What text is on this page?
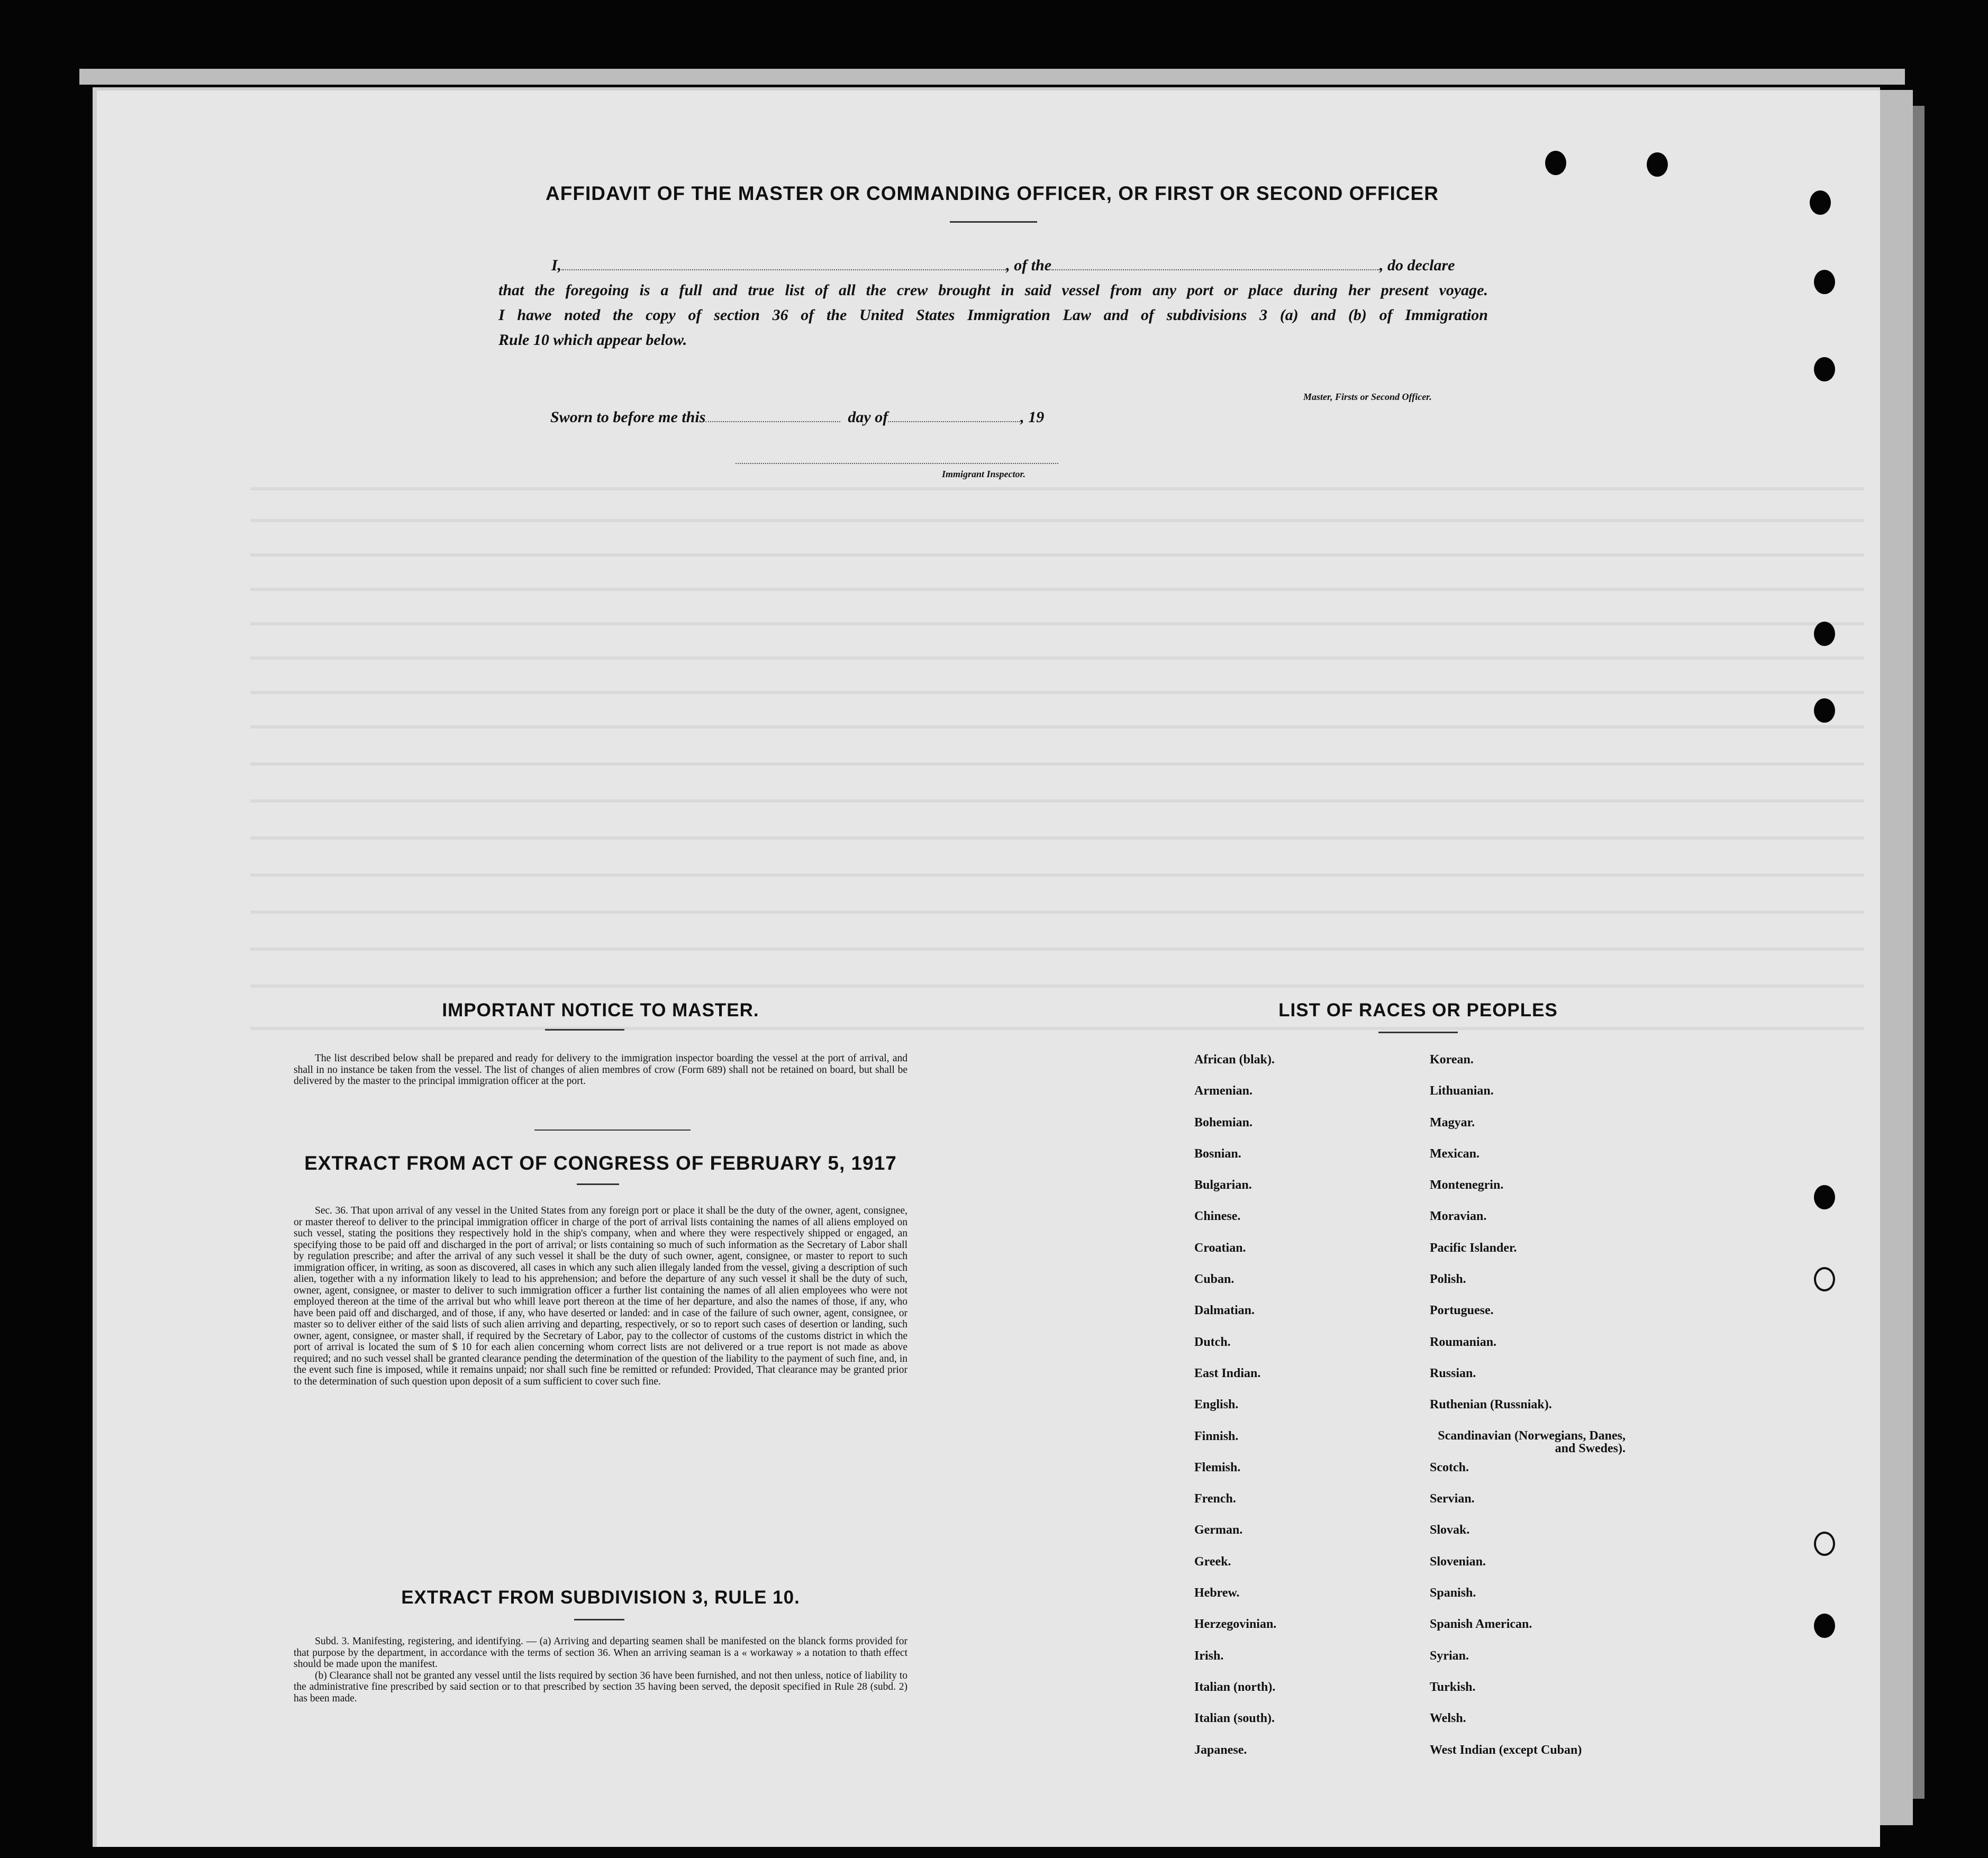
AFFIDAVIT OF THE MASTER OR COMMANDING OFFICER, OR FIRST OR SECOND OFFICER
I,	, of the	, do declare
that the foregoing is a full and true list of all the crew brought in said vessel from any port or place during her present voyage.
I hawe noted the copy of section 36 of the United States Immigration Law and of subdivisions 3 (a) and (b) of Immigration
Rule 10 which appear below.
Master, Firsts or Second Officer.
Sworn to before me this	day of	, 19
Immigrant Inspector.
IMPORTANT NOTICE TO MASTER.

The list described below shall be prepared and ready for delivery to the immigration inspector boarding the vessel at the port of arrival, and shall in no instance be taken from the vessel. The list of changes of alien membres of crow (Form 689) shall not be retained on board, but shall be delivered by the master to the principal immigration officer at the port.

EXTRACT FROM ACT OF CONGRESS OF FEBRUARY 5, 1917

Sec. 36. That upon arrival of any vessel in the United States from any foreign port or place it shall be the duty of the owner, agent, consignee, or master thereof to deliver to the principal immigration officer in charge of the port of arrival lists containing the names of all aliens employed on such vessel, stating the positions they respectively hold in the ship's company, when and where they were respectively shipped or engaged, an specifying those to be paid off and discharged in the port of arrival; or lists containing so much of such information as the Secretary of Labor shall by regulation prescribe; and after the arrival of any such vessel it shall be the duty of such owner, agent, consignee, or master to report to such immigration officer, in writing, as soon as discovered, all cases in which any such alien illegaly landed from the vessel, giving a description of such alien, together with a ny information likely to lead to his apprehension; and before the departure of any such vessel it shall be the duty of such, owner, agent, consignee, or master to deliver to such immigration officer a further list containing the names of all alien employees who were not employed thereon at the time of the arrival but who whill leave port thereon at the time of her departure, and also the names of those, if any, who have been paid off and discharged, and of those, if any, who have deserted or landed: and in case of the failure of such owner, agent, consignee, or master so to deliver either of the said lists of such alien arriving and departing, respectively, or so to report such cases of desertion or landing, such owner, agent, consignee, or master shall, if required by the Secretary of Labor, pay to the collector of customs of the customs district in which the port of arrival is located the sum of $ 10 for each alien concerning whom correct lists are not delivered or a true report is not made as above required; and no such vessel shall be granted clearance pending the determination of the question of the liability to the payment of such fine, and, in the event such fine is imposed, while it remains unpaid; nor shall such fine be remitted or refunded: Provided, That clearance may be granted prior to the determination of such question upon deposit of a sum sufficient to cover such fine.

EXTRACT FROM SUBDIVISION 3, RULE 10.

Subd. 3. Manifesting, registering, and identifying. — (a) Arriving and departing seamen shall be manifested on the blanck forms provided for that purpose by the department, in accordance with the terms of section 36. When an arriving seaman is a « workaway » a notation to thath effect should be made upon the manifest.

(b) Clearance shall not be granted any vessel until the lists required by section 36 have been furnished, and not then unless, notice of liability to the administrative fine prescribed by said section or to that prescribed by section 35 having been served, the deposit specified in Rule 28 (subd. 2) has been made.

LIST OF RACES OR PEOPLES
African (blak).
Armenian.
Bohemian.
Bosnian.
Bulgarian.
Chinese.
Croatian.
Cuban.
Dalmatian.
Dutch.
East Indian.
English.
Finnish.
Flemish.
French.
German.
Greek.
Hebrew.
Herzegovinian.
Irish.
Italian (north).
Italian (south).
Japanese.
Korean.
Lithuanian.
Magyar.
Mexican.
Montenegrin.
Moravian.
Pacific Islander.
Polish.
Portuguese.
Roumanian.
Russian.
Ruthenian (Russniak).
Scandinavian (Norwegians, Danes, and Swedes).
Scotch.
Servian.
Slovak.
Slovenian.
Spanish.
Spanish American.
Syrian.
Turkish.
Welsh.
West Indian (except Cuban)
